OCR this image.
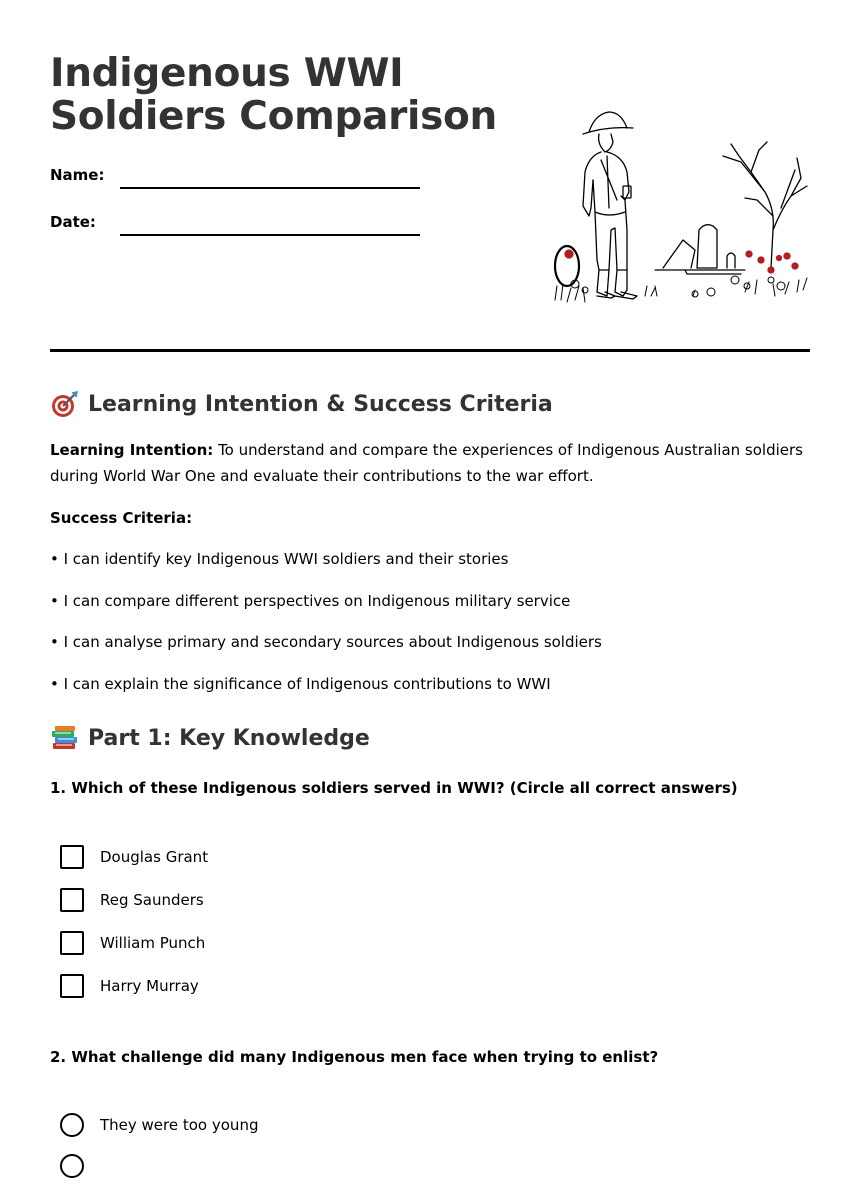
Indigenous WWI
Soldiers Comparison
Name:
Date:
Learning Intention & Success Criteria

Learning Intention: To understand and compare the experiences of Indigenous Australian soldiers during World War One and evaluate their contributions to the war effort.

Success Criteria:

• I can identify key Indigenous WWI soldiers and their stories

• I can compare different perspectives on Indigenous military service

• I can analyse primary and secondary sources about Indigenous soldiers

• I can explain the significance of Indigenous contributions to WWI

Part 1: Key Knowledge

1. Which of these Indigenous soldiers served in WWI? (Circle all correct answers)

Douglas Grant
Reg Saunders
William Punch
Harry Murray

2. What challenge did many Indigenous men face when trying to enlist?

They were too young
